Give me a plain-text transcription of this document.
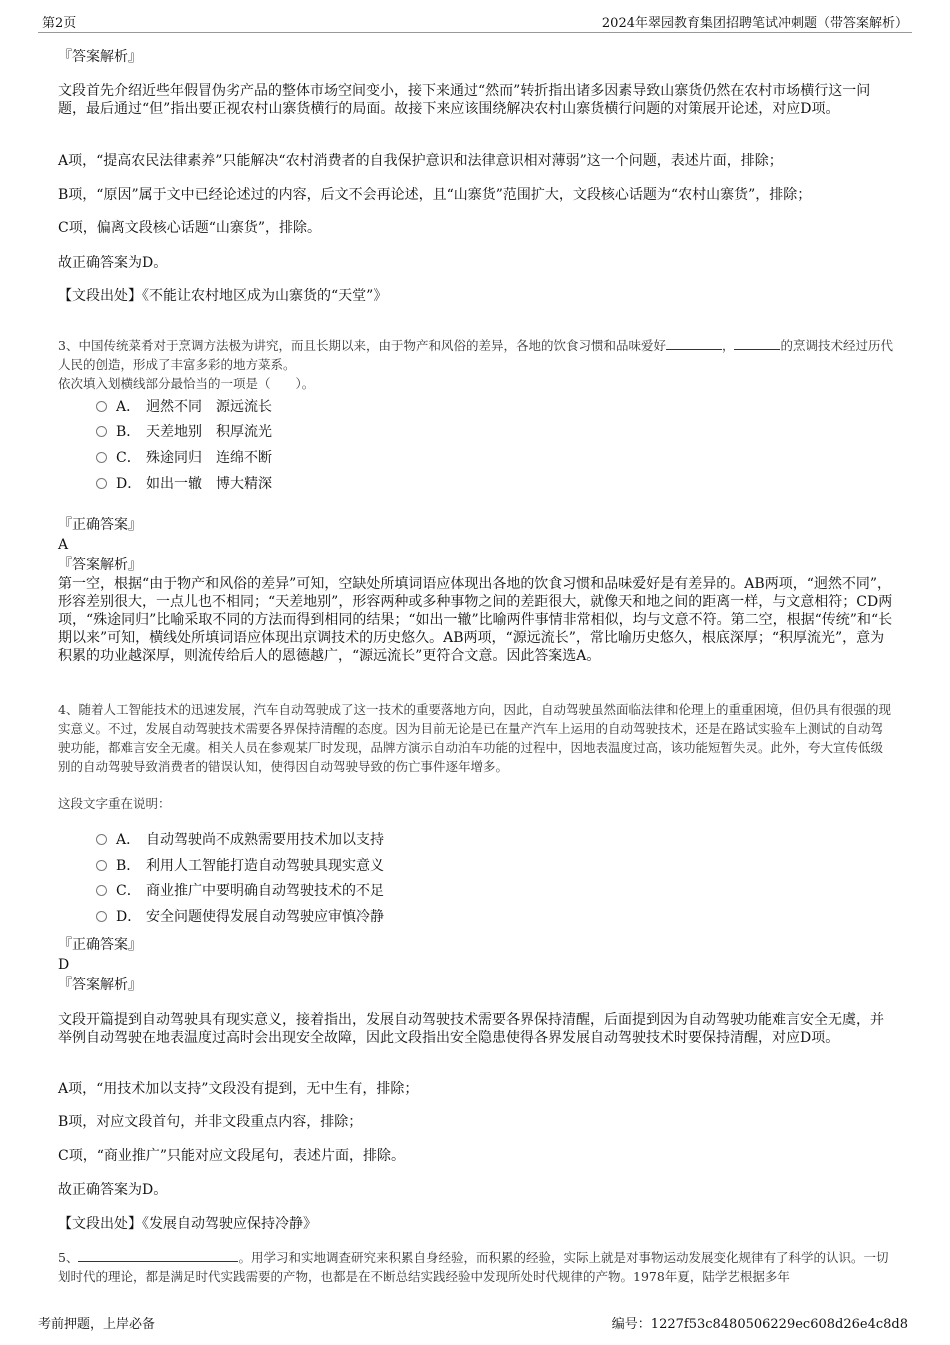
第2页	2024年翠园教育集团招聘笔试冲刺题（带答案解析）
『答案解析』
文段首先介绍近些年假冒伪劣产品的整体市场空间变小，接下来通过“然而”转折指出诸多因素导致山寨货仍然在农村市场横行这一问题，最后通过“但”指出要正视农村山寨货横行的局面。故接下来应该围绕解决农村山寨货横行问题的对策展开论述，对应D项。
A项，“提高农民法律素养”只能解决“农村消费者的自我保护意识和法律意识相对薄弱”这一个问题，表述片面，排除；
B项，“原因”属于文中已经论述过的内容，后文不会再论述，且“山寨货”范围扩大，文段核心话题为“农村山寨货”，排除；
C项，偏离文段核心话题“山寨货”，排除。
故正确答案为D。
【文段出处】《不能让农村地区成为山寨货的“天堂”》
3、中国传统菜肴对于烹调方法极为讲究，而且长期以来，由于物产和风俗的差异，各地的饮食习惯和品味爱好	，	的烹调技术经过历代人民的创造，形成了丰富多彩的地方菜系。
依次填入划横线部分最恰当的一项是（　　）。
A． 迥然不同　源远流长
B． 天差地别　积厚流光
C． 殊途同归　连绵不断
D． 如出一辙　博大精深
『正确答案』
A
『答案解析』
第一空，根据“由于物产和风俗的差异”可知，空缺处所填词语应体现出各地的饮食习惯和品味爱好是有差异的。AB两项，“迥然不同”，形容差别很大，一点儿也不相同；“天差地别”，形容两种或多种事物之间的差距很大，就像天和地之间的距离一样，与文意相符；CD两项，“殊途同归”比喻采取不同的方法而得到相同的结果；“如出一辙”比喻两件事情非常相似，均与文意不符。第二空，根据“传统”和“长期以来”可知，横线处所填词语应体现出京调技术的历史悠久。AB两项，“源远流长”，常比喻历史悠久，根底深厚；“积厚流光”，意为积累的功业越深厚，则流传给后人的恩德越广，“源远流长”更符合文意。因此答案选A。
4、随着人工智能技术的迅速发展，汽车自动驾驶成了这一技术的重要落地方向，因此，自动驾驶虽然面临法律和伦理上的重重困境，但仍具有很强的现实意义。不过，发展自动驾驶技术需要各界保持清醒的态度。因为目前无论是已在量产汽车上运用的自动驾驶技术，还是在路试实验车上测试的自动驾驶功能，都难言安全无虞。相关人员在参观某厂时发现，品牌方演示自动泊车功能的过程中，因地表温度过高，该功能短暂失灵。此外，夸大宣传低级别的自动驾驶导致消费者的错误认知，使得因自动驾驶导致的伤亡事件逐年增多。
这段文字重在说明：
A． 自动驾驶尚不成熟需要用技术加以支持
B． 利用人工智能打造自动驾驶具现实意义
C． 商业推广中要明确自动驾驶技术的不足
D． 安全问题使得发展自动驾驶应审慎冷静
『正确答案』
D
『答案解析』
文段开篇提到自动驾驶具有现实意义，接着指出，发展自动驾驶技术需要各界保持清醒，后面提到因为自动驾驶功能难言安全无虞，并举例自动驾驶在地表温度过高时会出现安全故障，因此文段指出安全隐患使得各界发展自动驾驶技术时要保持清醒，对应D项。
A项，“用技术加以支持”文段没有提到，无中生有，排除；
B项，对应文段首句，并非文段重点内容，排除；
C项，“商业推广”只能对应文段尾句，表述片面，排除。
故正确答案为D。
【文段出处】《发展自动驾驶应保持冷静》
5、	。用学习和实地调查研究来积累自身经验，而积累的经验，实际上就是对事物运动发展变化规律有了科学的认识。一切划时代的理论，都是满足时代实践需要的产物，也都是在不断总结实践经验中发现所处时代规律的产物。1978年夏，陆学艺根据多年
考前押题，上岸必备	编号：1227f53c8480506229ec608d26e4c8d8
